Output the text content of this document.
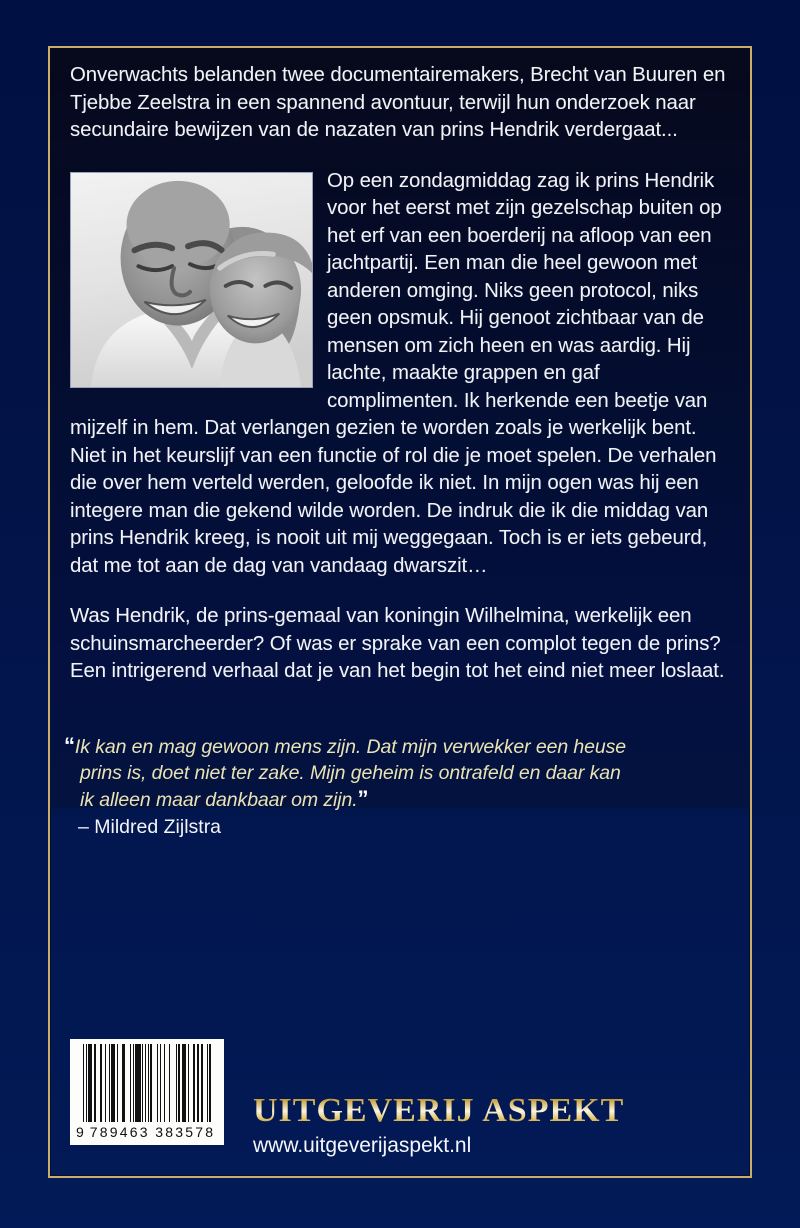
Onverwachts belanden twee documentairemakers, Brecht van Buuren en Tjebbe Zeelstra in een spannend avontuur, terwijl hun onderzoek naar secundaire bewijzen van de nazaten van prins Hendrik verdergaat...

Op een zondagmiddag zag ik prins Hendrik voor het eerst met zijn gezelschap buiten op het erf van een boerderij na afloop van een jachtpartij. Een man die heel gewoon met anderen omging. Niks geen protocol, niks geen opsmuk. Hij genoot zichtbaar van de mensen om zich heen en was aardig. Hij lachte, maakte grappen en gaf complimenten. Ik herkende een beetje van mijzelf in hem. Dat verlangen gezien te worden zoals je werkelijk bent. Niet in het keurslijf van een functie of rol die je moet spelen. De verhalen die over hem verteld werden, geloofde ik niet. In mijn ogen was hij een integere man die gekend wilde worden. De indruk die ik die middag van prins Hendrik kreeg, is nooit uit mij weggegaan. Toch is er iets gebeurd, dat me tot aan de dag van vandaag dwarszit…

Was Hendrik, de prins-gemaal van koningin Wilhelmina, werkelijk een schuinsmarcheerder? Of was er sprake van een complot tegen de prins? Een intrigerend verhaal dat je van het begin tot het eind niet meer loslaat.

“Ik kan en mag gewoon mens zijn. Dat mijn verwekker een heuse
prins is, doet niet ter zake. Mijn geheim is ontrafeld en daar kan
ik alleen maar dankbaar om zijn.”
– Mildred Zijlstra
9 789463 383578
UITGEVERIJ ASPEKT
www.uitgeverijaspekt.nl
